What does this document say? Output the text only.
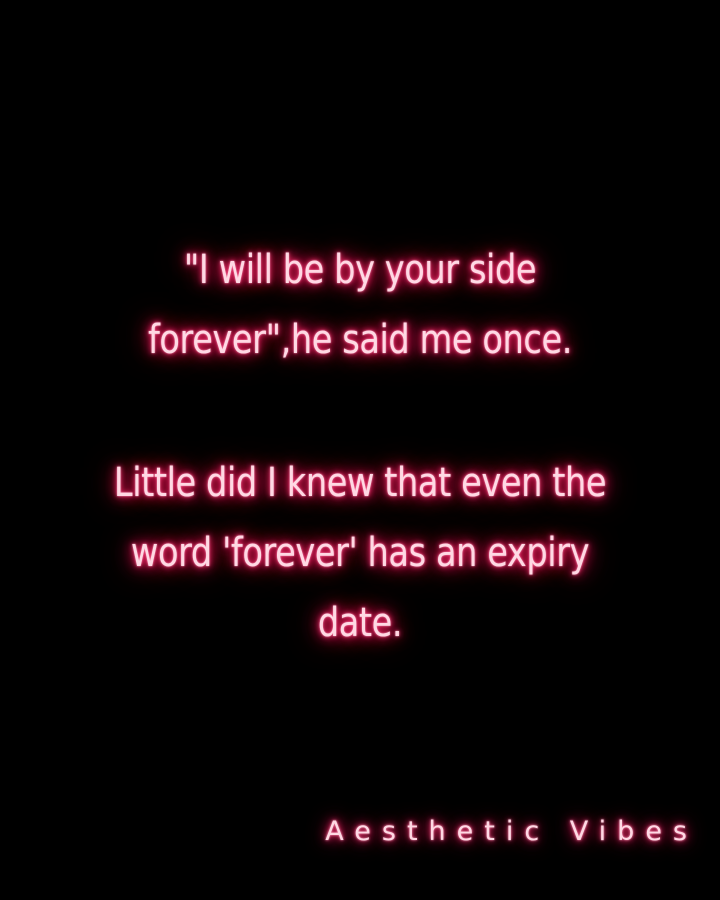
"I will be by your side
forever",he said me once.
Little did I knew that even the
word 'forever' has an expiry
date.
Aesthetic Vibes
